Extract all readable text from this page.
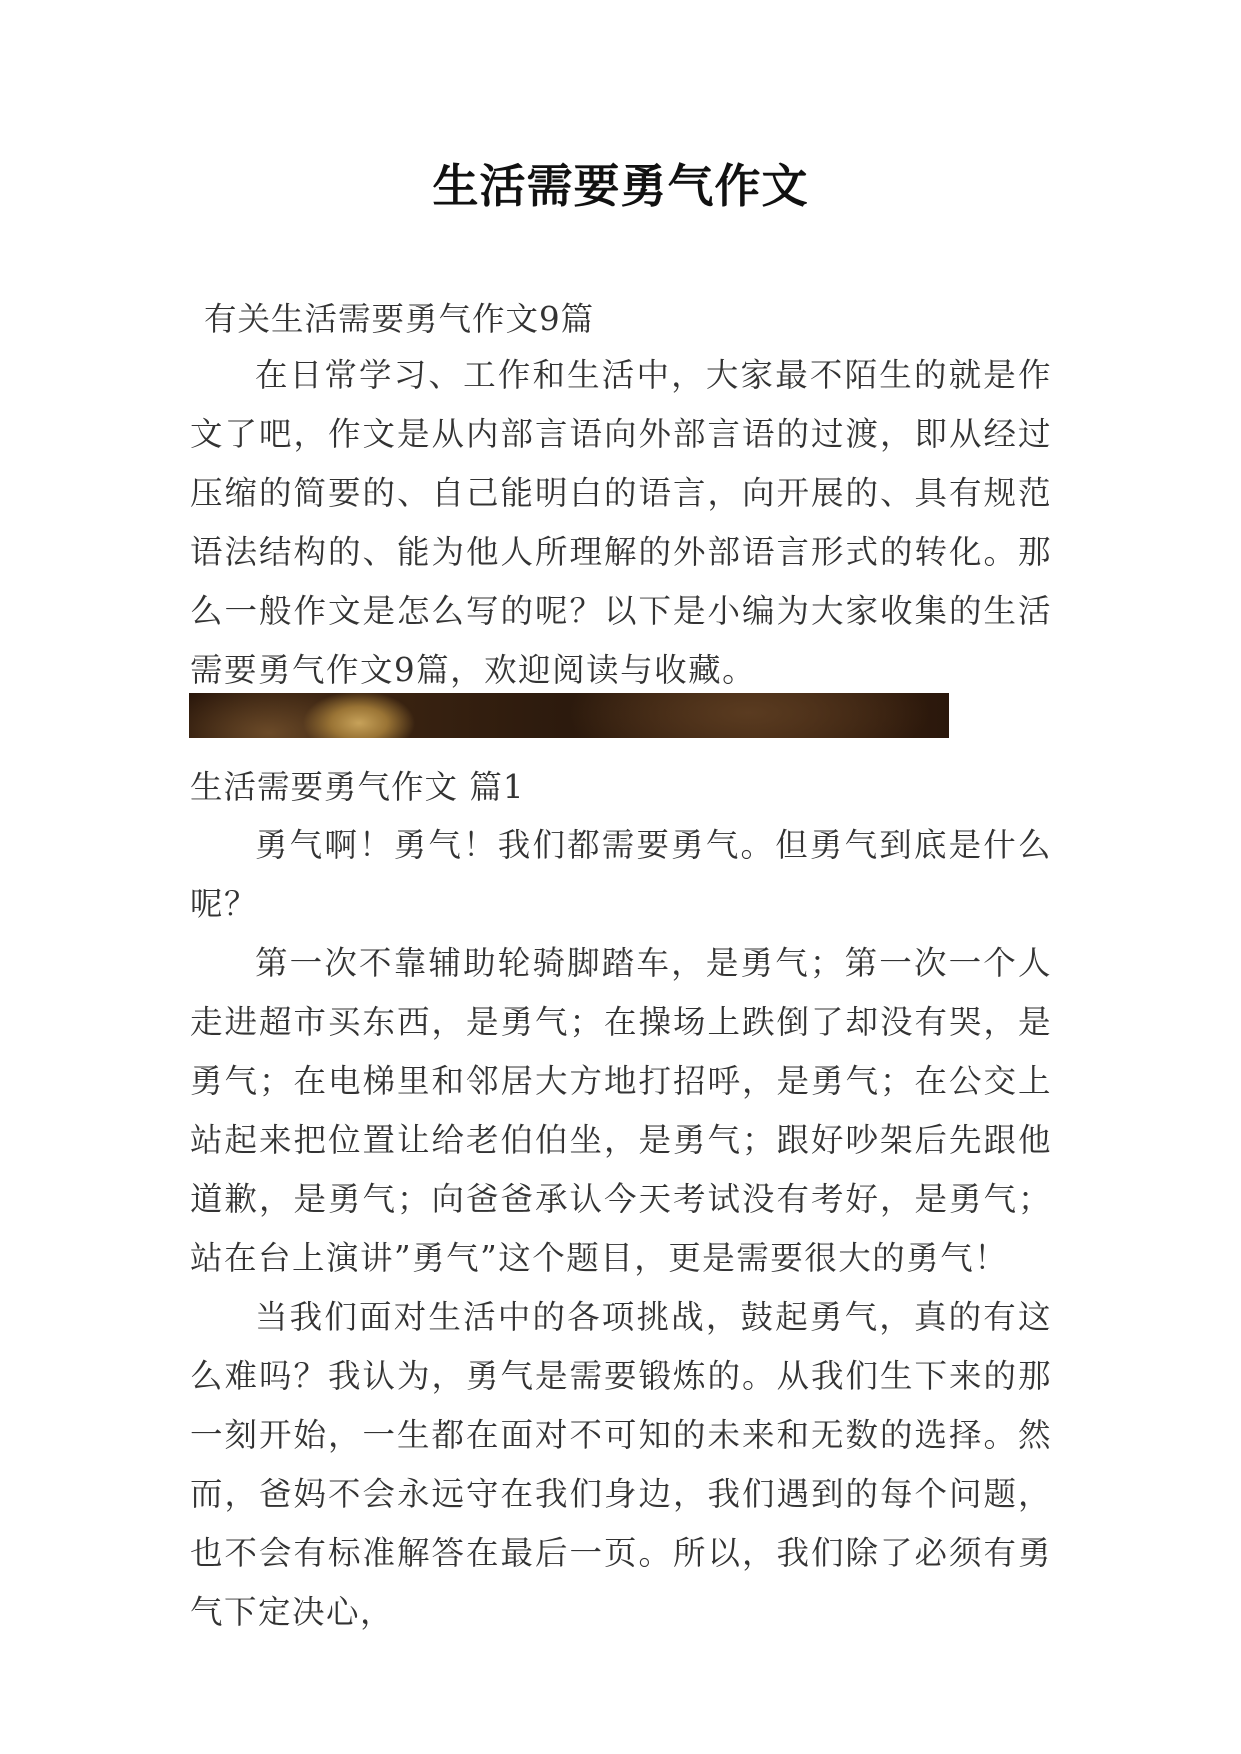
生活需要勇气作文
有关生活需要勇气作文9篇

在日常学习、工作和生活中，大家最不陌生的就是作文了吧，作文是从内部言语向外部言语的过渡，即从经过压缩的简要的、自己能明白的语言，向开展的、具有规范语法结构的、能为他人所理解的外部语言形式的转化。那么一般作文是怎么写的呢？以下是小编为大家收集的生活需要勇气作文9篇，欢迎阅读与收藏。

生活需要勇气作文 篇1

勇气啊！勇气！我们都需要勇气。但勇气到底是什么呢？

第一次不靠辅助轮骑脚踏车，是勇气；第一次一个人走进超市买东西，是勇气；在操场上跌倒了却没有哭，是勇气；在电梯里和邻居大方地打招呼，是勇气；在公交上站起来把位置让给老伯伯坐，是勇气；跟好吵架后先跟他道歉，是勇气；向爸爸承认今天考试没有考好，是勇气；站在台上演讲”勇气”这个题目，更是需要很大的勇气！

当我们面对生活中的各项挑战，鼓起勇气，真的有这么难吗？我认为，勇气是需要锻炼的。从我们生下来的那一刻开始，一生都在面对不可知的未来和无数的选择。然而，爸妈不会永远守在我们身边，我们遇到的每个问题，也不会有标准解答在最后一页。所以，我们除了必须有勇气下定决心，
